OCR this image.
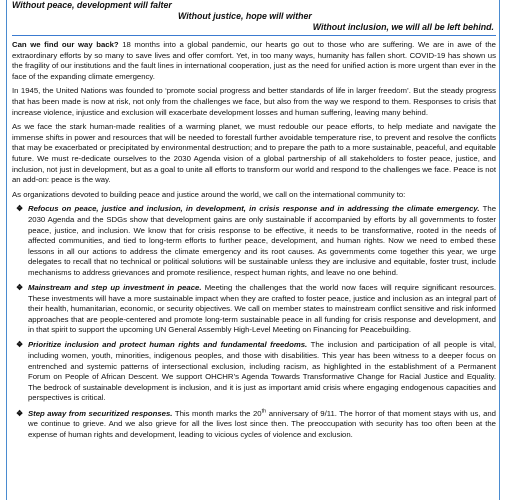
Without peace, development will falter
Without justice, hope will wither
Without inclusion, we will all be left behind.

Can we find our way back? 18 months into a global pandemic, our hearts go out to those who are suffering. We are in awe of the extraordinary efforts by so many to save lives and offer comfort. Yet, in too many ways, humanity has fallen short. COVID-19 has shown us the fragility of our institutions and the fault lines in international cooperation, just as the need for unified action is more urgent than ever in the face of the expanding climate emergency.

In 1945, the United Nations was founded to ‘promote social progress and better standards of life in larger freedom’. But the steady progress that has been made is now at risk, not only from the challenges we face, but also from the way we respond to them. Responses to crisis that increase violence, injustice and exclusion will exacerbate development losses and human suffering, leaving many behind.

As we face the stark human-made realities of a warming planet, we must redouble our peace efforts, to help mediate and navigate the immense shifts in power and resources that will be needed to forestall further avoidable temperature rise, to prevent and resolve the conflicts that may be exacerbated or precipitated by environmental destruction; and to prepare the path to a more sustainable, peaceful, and equitable future. We must re-dedicate ourselves to the 2030 Agenda vision of a global partnership of all stakeholders to foster peace, justice, and inclusion, not just in development, but as a goal to unite all efforts to transform our world and respond to the challenges we face. Peace is not an add-on: peace is the way.

As organizations devoted to building peace and justice around the world, we call on the international community to:

❖ Refocus on peace, justice and inclusion, in development, in crisis response and in addressing the climate emergency. The 2030 Agenda and the SDGs show that development gains are only sustainable if accompanied by efforts by all governments to foster peace, justice, and inclusion. We know that for crisis response to be effective, it needs to be transformative, rooted in the needs of affected communities, and tied to long-term efforts to further peace, development, and human rights. Now we need to embed these lessons in all our actions to address the climate emergency and its root causes. As governments come together this year, we urge delegates to recall that no technical or political solutions will be sustainable unless they are inclusive and equitable, foster trust, include mechanisms to address grievances and promote resilience, respect human rights, and leave no one behind.
❖ Mainstream and step up investment in peace. Meeting the challenges that the world now faces will require significant resources. These investments will have a more sustainable impact when they are crafted to foster peace, justice and inclusion as an integral part of their health, humanitarian, economic, or security objectives. We call on member states to mainstream conflict sensitive and risk informed approaches that are people-centered and promote long-term sustainable peace in all funding for crisis response and development, and in that spirit to support the upcoming UN General Assembly High-Level Meeting on Financing for Peacebuilding.
❖ Prioritize inclusion and protect human rights and fundamental freedoms. The inclusion and participation of all people is vital, including women, youth, minorities, indigenous peoples, and those with disabilities. This year has been witness to a deeper focus on entrenched and systemic patterns of intersectional exclusion, including racism, as highlighted in the establishment of a Permanent Forum on People of African Descent. We support OHCHR’s Agenda Towards Transformative Change for Racial Justice and Equality. The bedrock of sustainable development is inclusion, and it is just as important amid crisis where engaging endogenous capacities and perspectives is critical.
❖ Step away from securitized responses. This month marks the 20th anniversary of 9/11. The horror of that moment stays with us, and we continue to grieve. And we also grieve for all the lives lost since then. The preoccupation with security has too often been at the expense of human rights and development, leading to vicious cycles of violence and exclusion.
